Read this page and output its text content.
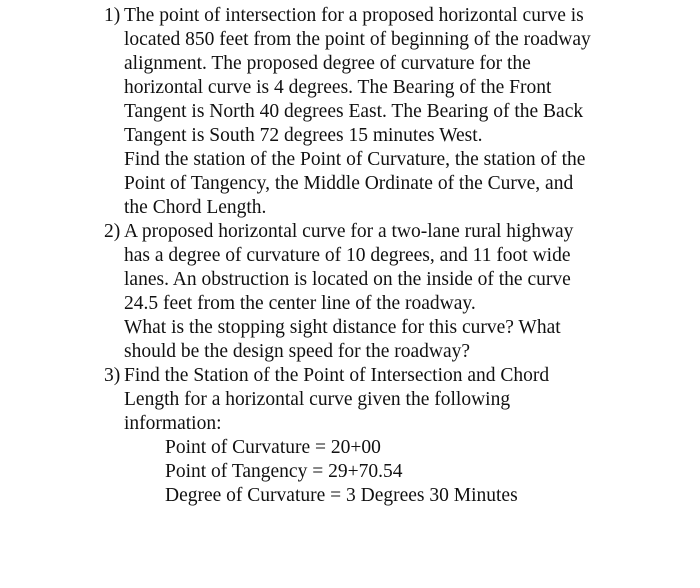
1) The point of intersection for a proposed horizontal curve is
located 850 feet from the point of beginning of the roadway
alignment. The proposed degree of curvature for the
horizontal curve is 4 degrees. The Bearing of the Front
Tangent is North 40 degrees East. The Bearing of the Back
Tangent is South 72 degrees 15 minutes West.
Find the station of the Point of Curvature, the station of the
Point of Tangency, the Middle Ordinate of the Curve, and
the Chord Length.
2) A proposed horizontal curve for a two-lane rural highway
has a degree of curvature of 10 degrees, and 11 foot wide
lanes. An obstruction is located on the inside of the curve
24.5 feet from the center line of the roadway.
What is the stopping sight distance for this curve? What
should be the design speed for the roadway?
3) Find the Station of the Point of Intersection and Chord
Length for a horizontal curve given the following
information:
Point of Curvature = 20+00
Point of Tangency = 29+70.54
Degree of Curvature = 3 Degrees 30 Minutes
